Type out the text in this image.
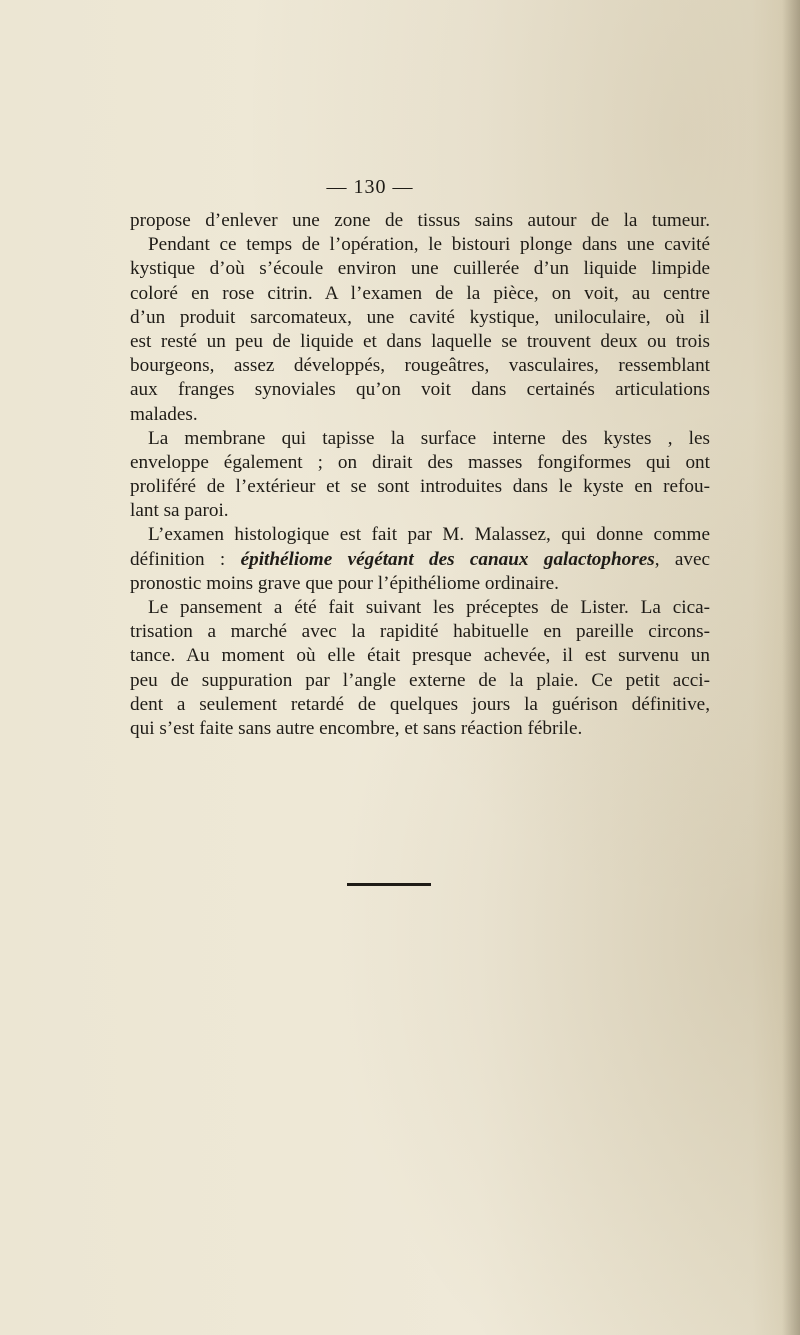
— 130 —
propose d’enlever une zone de tissus sains autour de la tumeur.
Pendant ce temps de l’opération, le bistouri plonge dans une cavité
kystique d’où s’écoule environ une cuillerée d’un liquide limpide
coloré en rose citrin. A l’examen de la pièce, on voit, au centre
d’un produit sarcomateux, une cavité kystique, uniloculaire, où il
est resté un peu de liquide et dans laquelle se trouvent deux ou trois
bourgeons, assez développés, rougeâtres, vasculaires, ressemblant
aux franges synoviales qu’on voit dans certainés articulations
malades.
La membrane qui tapisse la surface interne des kystes , les
enveloppe également ; on dirait des masses fongiformes qui ont
proliféré de l’extérieur et se sont introduites dans le kyste en refou-
lant sa paroi.
L’examen histologique est fait par M. Malassez, qui donne comme
définition : épithéliome végétant des canaux galactophores, avec
pronostic moins grave que pour l’épithéliome ordinaire.
Le pansement a été fait suivant les préceptes de Lister. La cica-
trisation a marché avec la rapidité habituelle en pareille circons-
tance. Au moment où elle était presque achevée, il est survenu un
peu de suppuration par l’angle externe de la plaie. Ce petit acci-
dent a seulement retardé de quelques jours la guérison définitive,
qui s’est faite sans autre encombre, et sans réaction fébrile.
